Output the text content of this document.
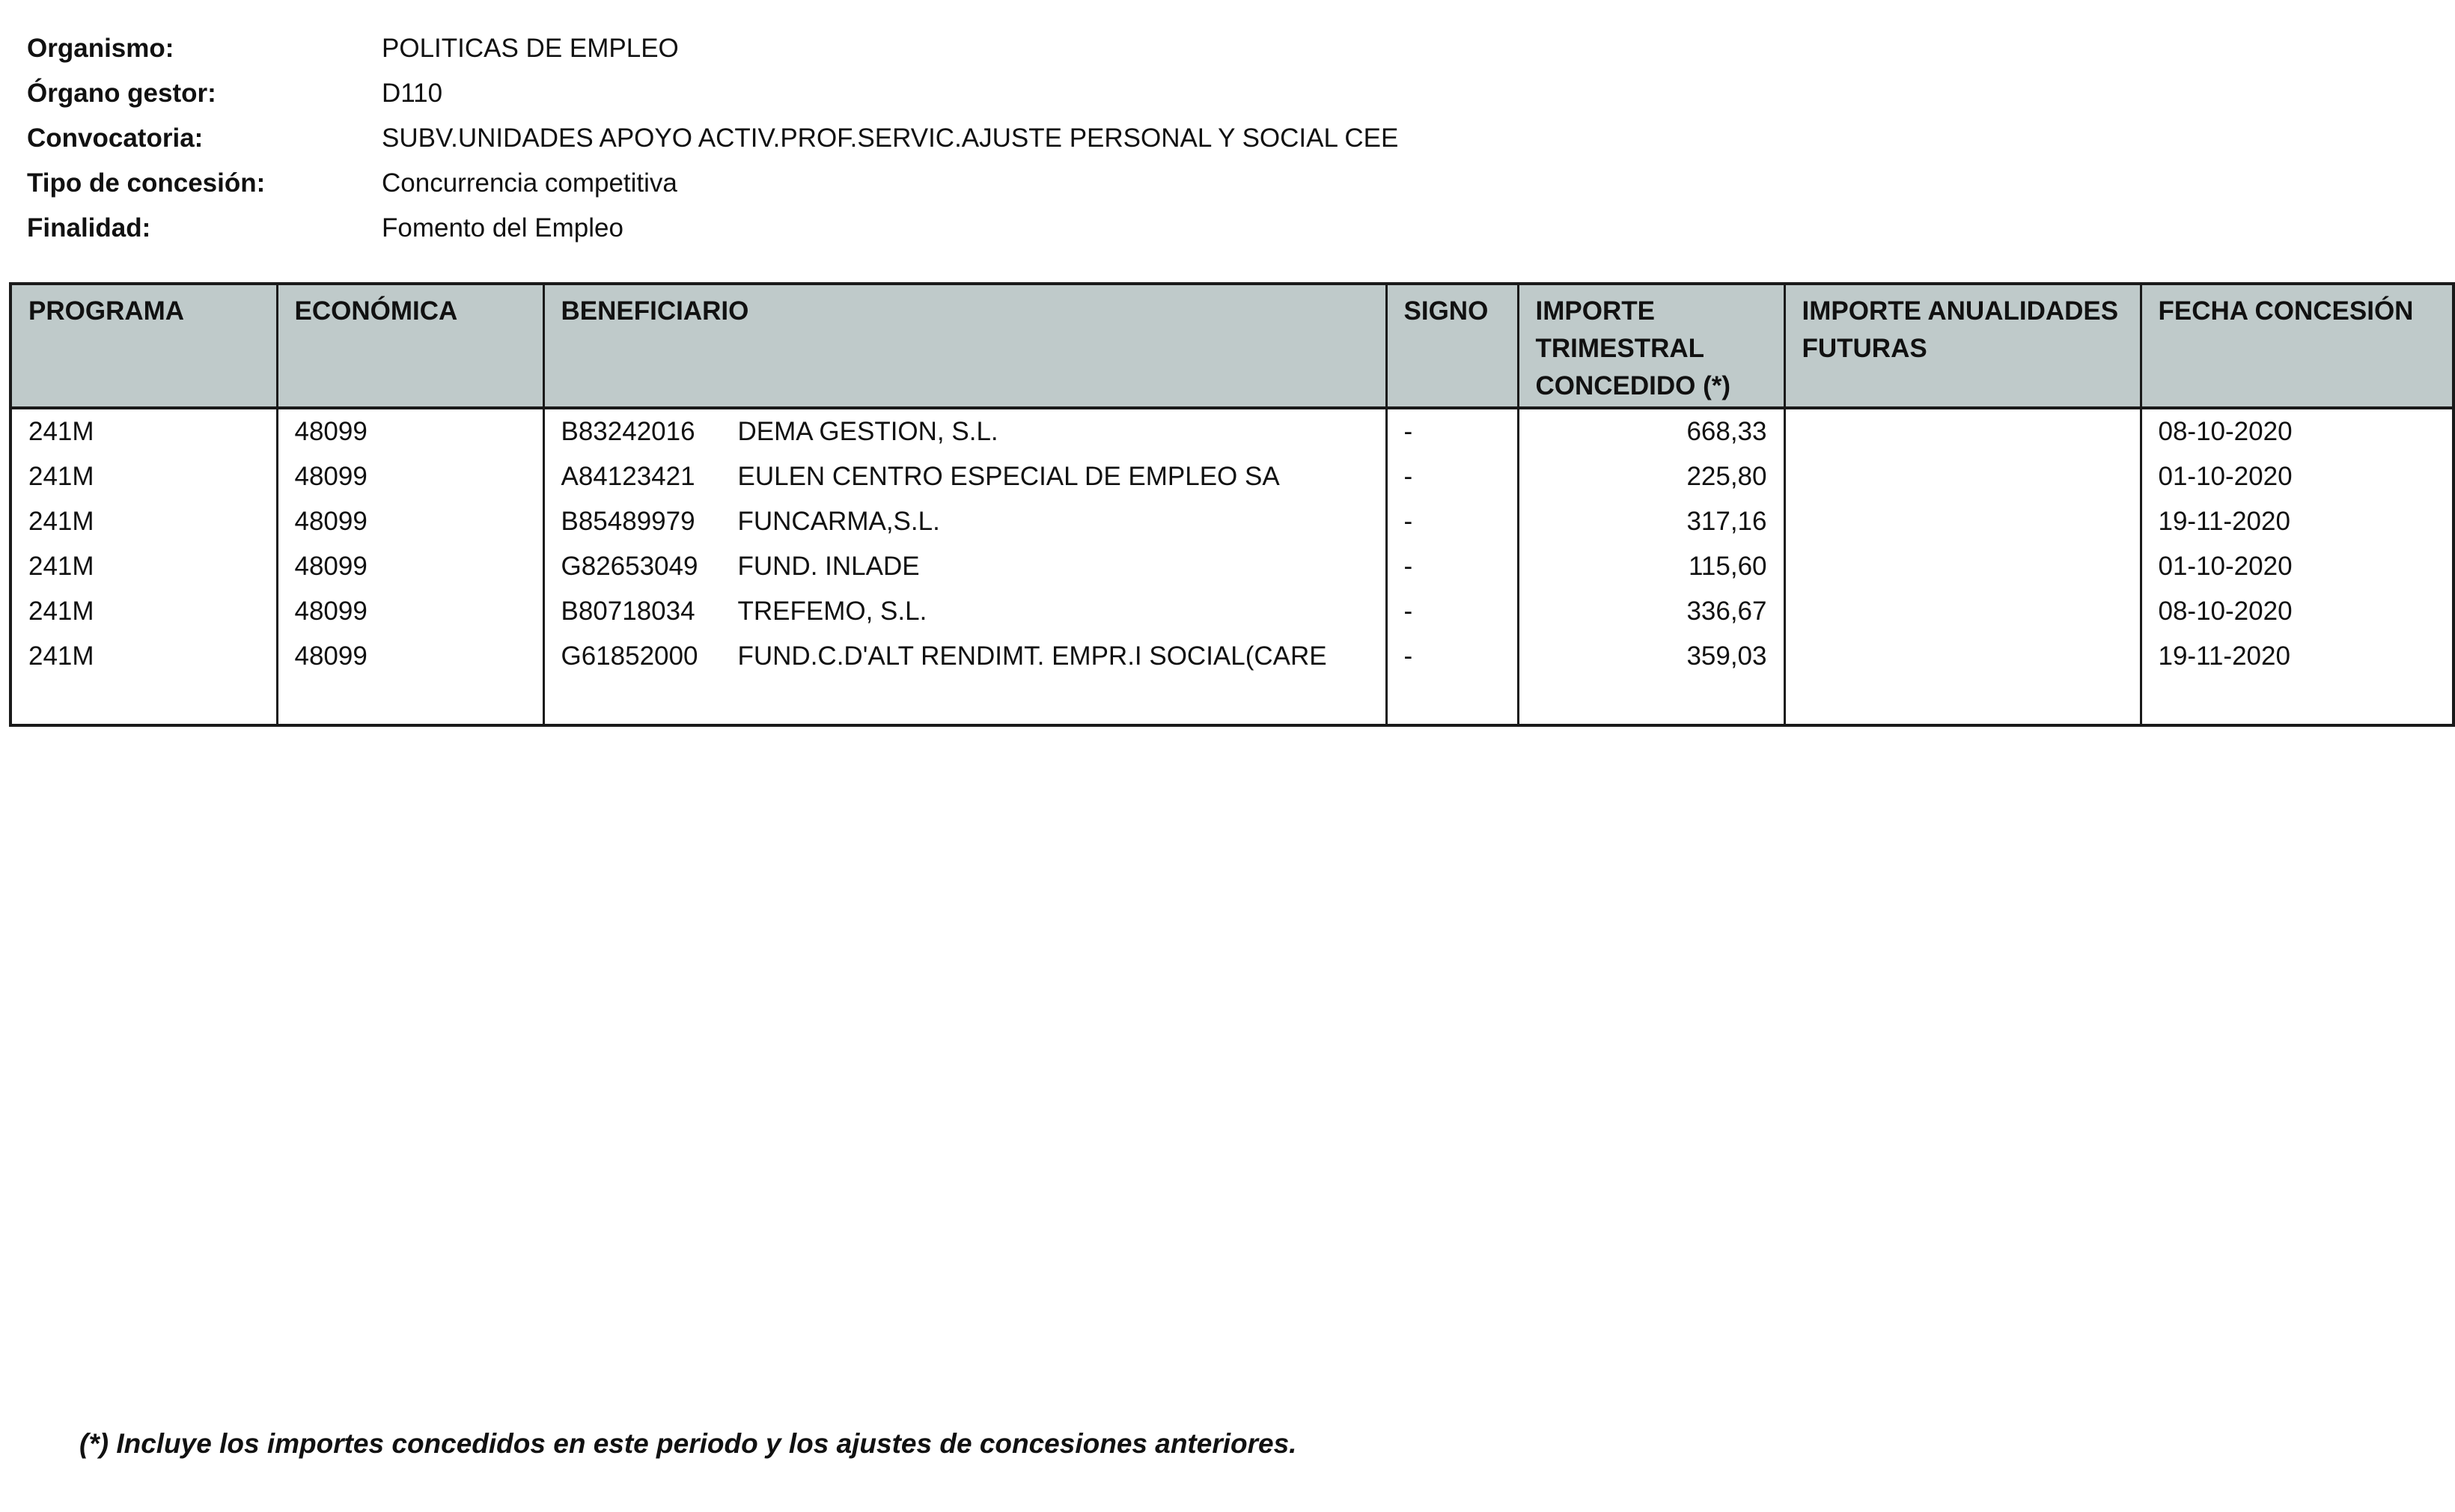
Organismo:	POLITICAS DE EMPLEO
Órgano gestor:	D110
Convocatoria:	SUBV.UNIDADES APOYO ACTIV.PROF.SERVIC.AJUSTE PERSONAL Y SOCIAL CEE
Tipo de concesión:	Concurrencia competitiva
Finalidad:	Fomento del Empleo
PROGRAMA	ECONÓMICA	BENEFICIARIO	SIGNO	IMPORTE TRIMESTRAL CONCEDIDO (*)	IMPORTE ANUALIDADES FUTURAS	FECHA CONCESIÓN
241M	48099	B83242016 DEMA GESTION, S.L.	-	668,33		08-10-2020
241M	48099	A84123421 EULEN CENTRO ESPECIAL DE EMPLEO SA	-	225,80		01-10-2020
241M	48099	B85489979 FUNCARMA,S.L.	-	317,16		19-11-2020
241M	48099	G82653049 FUND. INLADE	-	115,60		01-10-2020
241M	48099	B80718034 TREFEMO, S.L.	-	336,67		08-10-2020
241M	48099	G61852000 FUND.C.D'ALT RENDIMT. EMPR.I SOCIAL(CARE	-	359,03		19-11-2020

(*) Incluye los importes concedidos en este periodo y los ajustes de concesiones anteriores.
